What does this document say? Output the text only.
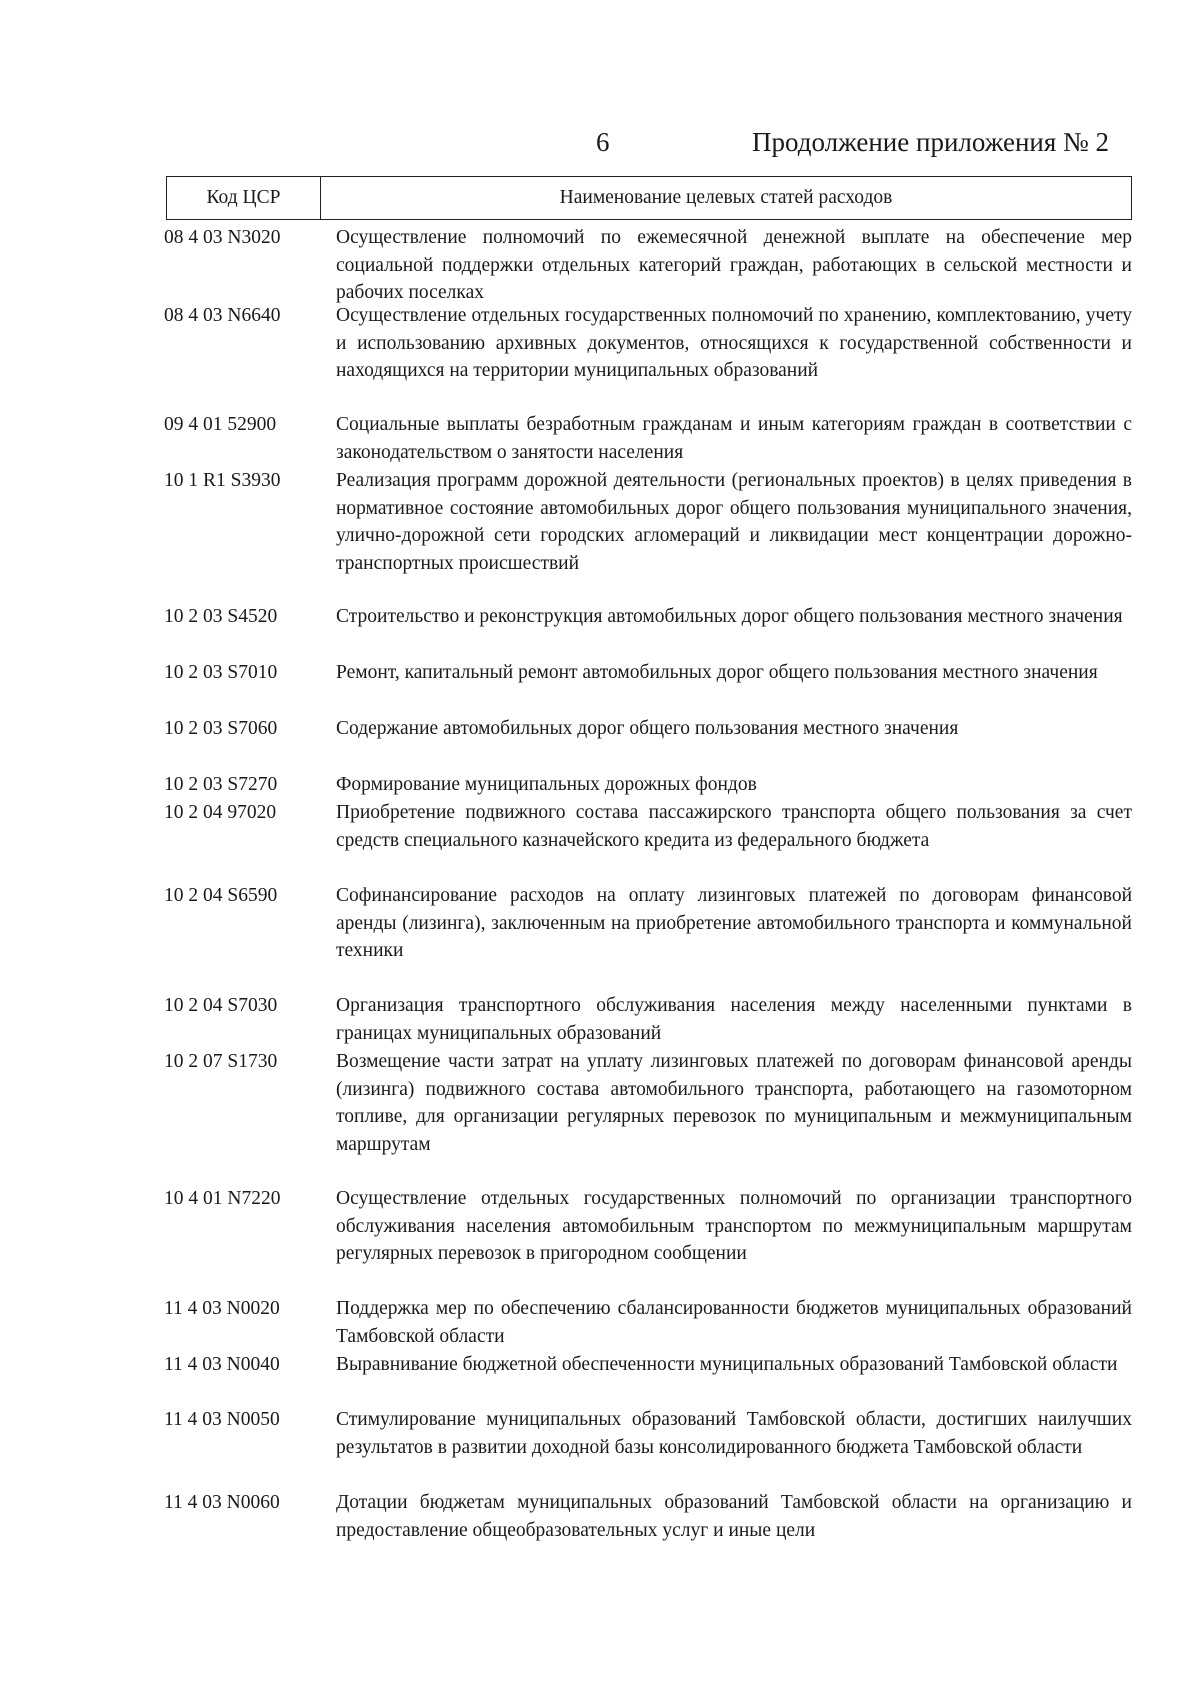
6	Продолжение приложения № 2
Код ЦСР	Наименование целевых статей расходов
08 4 03 N3020	Осуществление полномочий по ежемесячной денежной выплате на обеспечение мер социальной поддержки отдельных категорий граждан, работающих в сельской местности и рабочих поселках
08 4 03 N6640	Осуществление отдельных государственных полномочий по хранению, комплектованию, учету и использованию архивных документов, относящихся к государственной собственности и находящихся на территории муниципальных образований
09 4 01 52900	Социальные выплаты безработным гражданам и иным категориям граждан в соответствии с законодательством о занятости населения
10 1 R1 S3930	Реализация программ дорожной деятельности (региональных проектов) в целях приведения в нормативное состояние автомобильных дорог общего пользования муниципального значения, улично-дорожной сети городских агломераций и ликвидации мест концентрации дорожно-транспортных происшествий
10 2 03 S4520	Строительство и реконструкция автомобильных дорог общего пользования местного значения
10 2 03 S7010	Ремонт, капитальный ремонт автомобильных дорог общего пользования местного значения
10 2 03 S7060	Содержание автомобильных дорог общего пользования местного значения
10 2 03 S7270	Формирование муниципальных дорожных фондов
10 2 04 97020	Приобретение подвижного состава пассажирского транспорта общего пользования за счет средств специального казначейского кредита из федерального бюджета
10 2 04 S6590	Софинансирование расходов на оплату лизинговых платежей по договорам финансовой аренды (лизинга), заключенным на приобретение автомобильного транспорта и коммунальной техники
10 2 04 S7030	Организация транспортного обслуживания населения между населенными пунктами в границах муниципальных образований
10 2 07 S1730	Возмещение части затрат на уплату лизинговых платежей по договорам финансовой аренды (лизинга) подвижного состава автомобильного транспорта, работающего на газомоторном топливе, для организации регулярных перевозок по муниципальным и межмуниципальным маршрутам
10 4 01 N7220	Осуществление отдельных государственных полномочий по организации транспортного обслуживания населения автомобильным транспортом по межмуниципальным маршрутам регулярных перевозок в пригородном сообщении
11 4 03 N0020	Поддержка мер по обеспечению сбалансированности бюджетов муниципальных образований Тамбовской области
11 4 03 N0040	Выравнивание бюджетной обеспеченности муниципальных образований Тамбовской области
11 4 03 N0050	Стимулирование муниципальных образований Тамбовской области, достигших наилучших результатов в развитии доходной базы консолидированного бюджета Тамбовской области
11 4 03 N0060	Дотации бюджетам муниципальных образований Тамбовской области на организацию и предоставление общеобразовательных услуг и иные цели
